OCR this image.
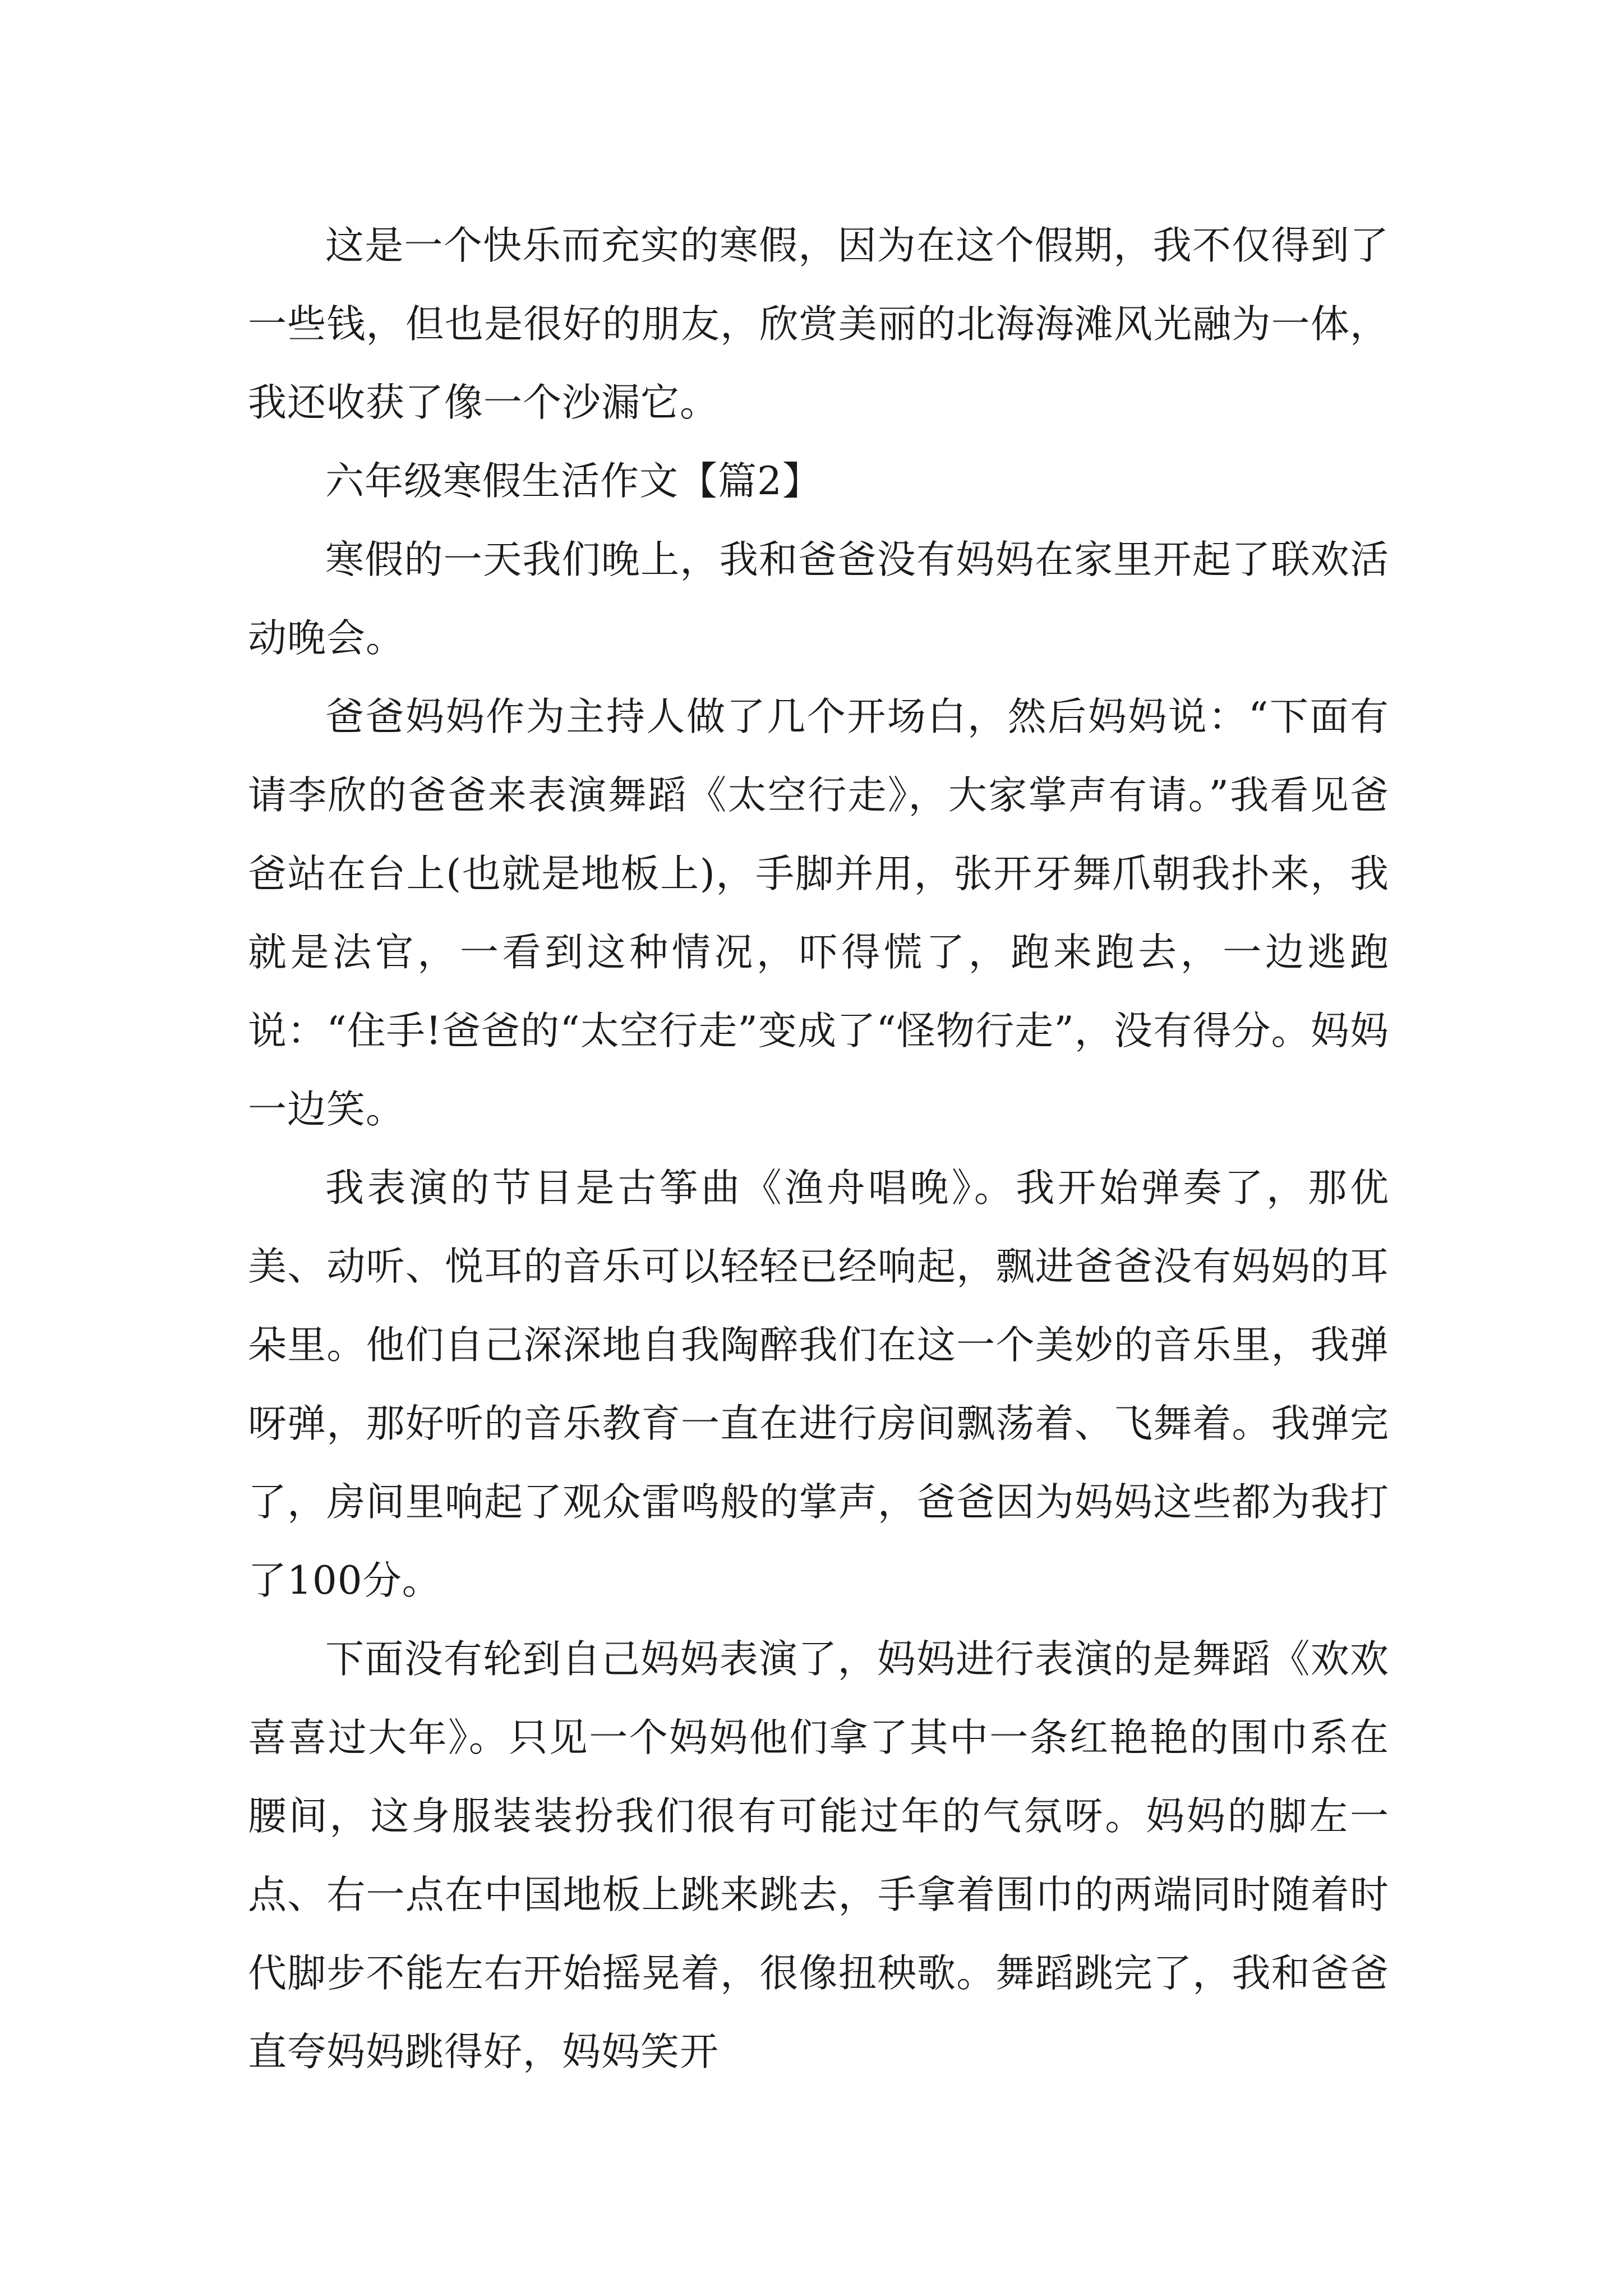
这是一个快乐而充实的寒假，因为在这个假期，我不仅得到了一些钱，但也是很好的朋友，欣赏美丽的北海海滩风光融为一体，我还收获了像一个沙漏它。

六年级寒假生活作文【篇2】

寒假的一天我们晚上，我和爸爸没有妈妈在家里开起了联欢活动晚会。

爸爸妈妈作为主持人做了几个开场白，然后妈妈说：“下面有请李欣的爸爸来表演舞蹈《太空行走》，大家掌声有请。”我看见爸爸站在台上(也就是地板上)，手脚并用，张开牙舞爪朝我扑来，我就是法官，一看到这种情况，吓得慌了，跑来跑去，一边逃跑说：“住手!爸爸的“太空行走”变成了“怪物行走”，没有得分。妈妈一边笑。

我表演的节目是古筝曲《渔舟唱晚》。我开始弹奏了，那优美、动听、悦耳的音乐可以轻轻已经响起，飘进爸爸没有妈妈的耳朵里。他们自己深深地自我陶醉我们在这一个美妙的音乐里，我弹呀弹，那好听的音乐教育一直在进行房间飘荡着、飞舞着。我弹完了，房间里响起了观众雷鸣般的掌声，爸爸因为妈妈这些都为我打了100分。

下面没有轮到自己妈妈表演了，妈妈进行表演的是舞蹈《欢欢喜喜过大年》。只见一个妈妈他们拿了其中一条红艳艳的围巾系在腰间，这身服装装扮我们很有可能过年的气氛呀。妈妈的脚左一点、右一点在中国地板上跳来跳去，手拿着围巾的两端同时随着时代脚步不能左右开始摇晃着，很像扭秧歌。舞蹈跳完了，我和爸爸直夸妈妈跳得好，妈妈笑开
